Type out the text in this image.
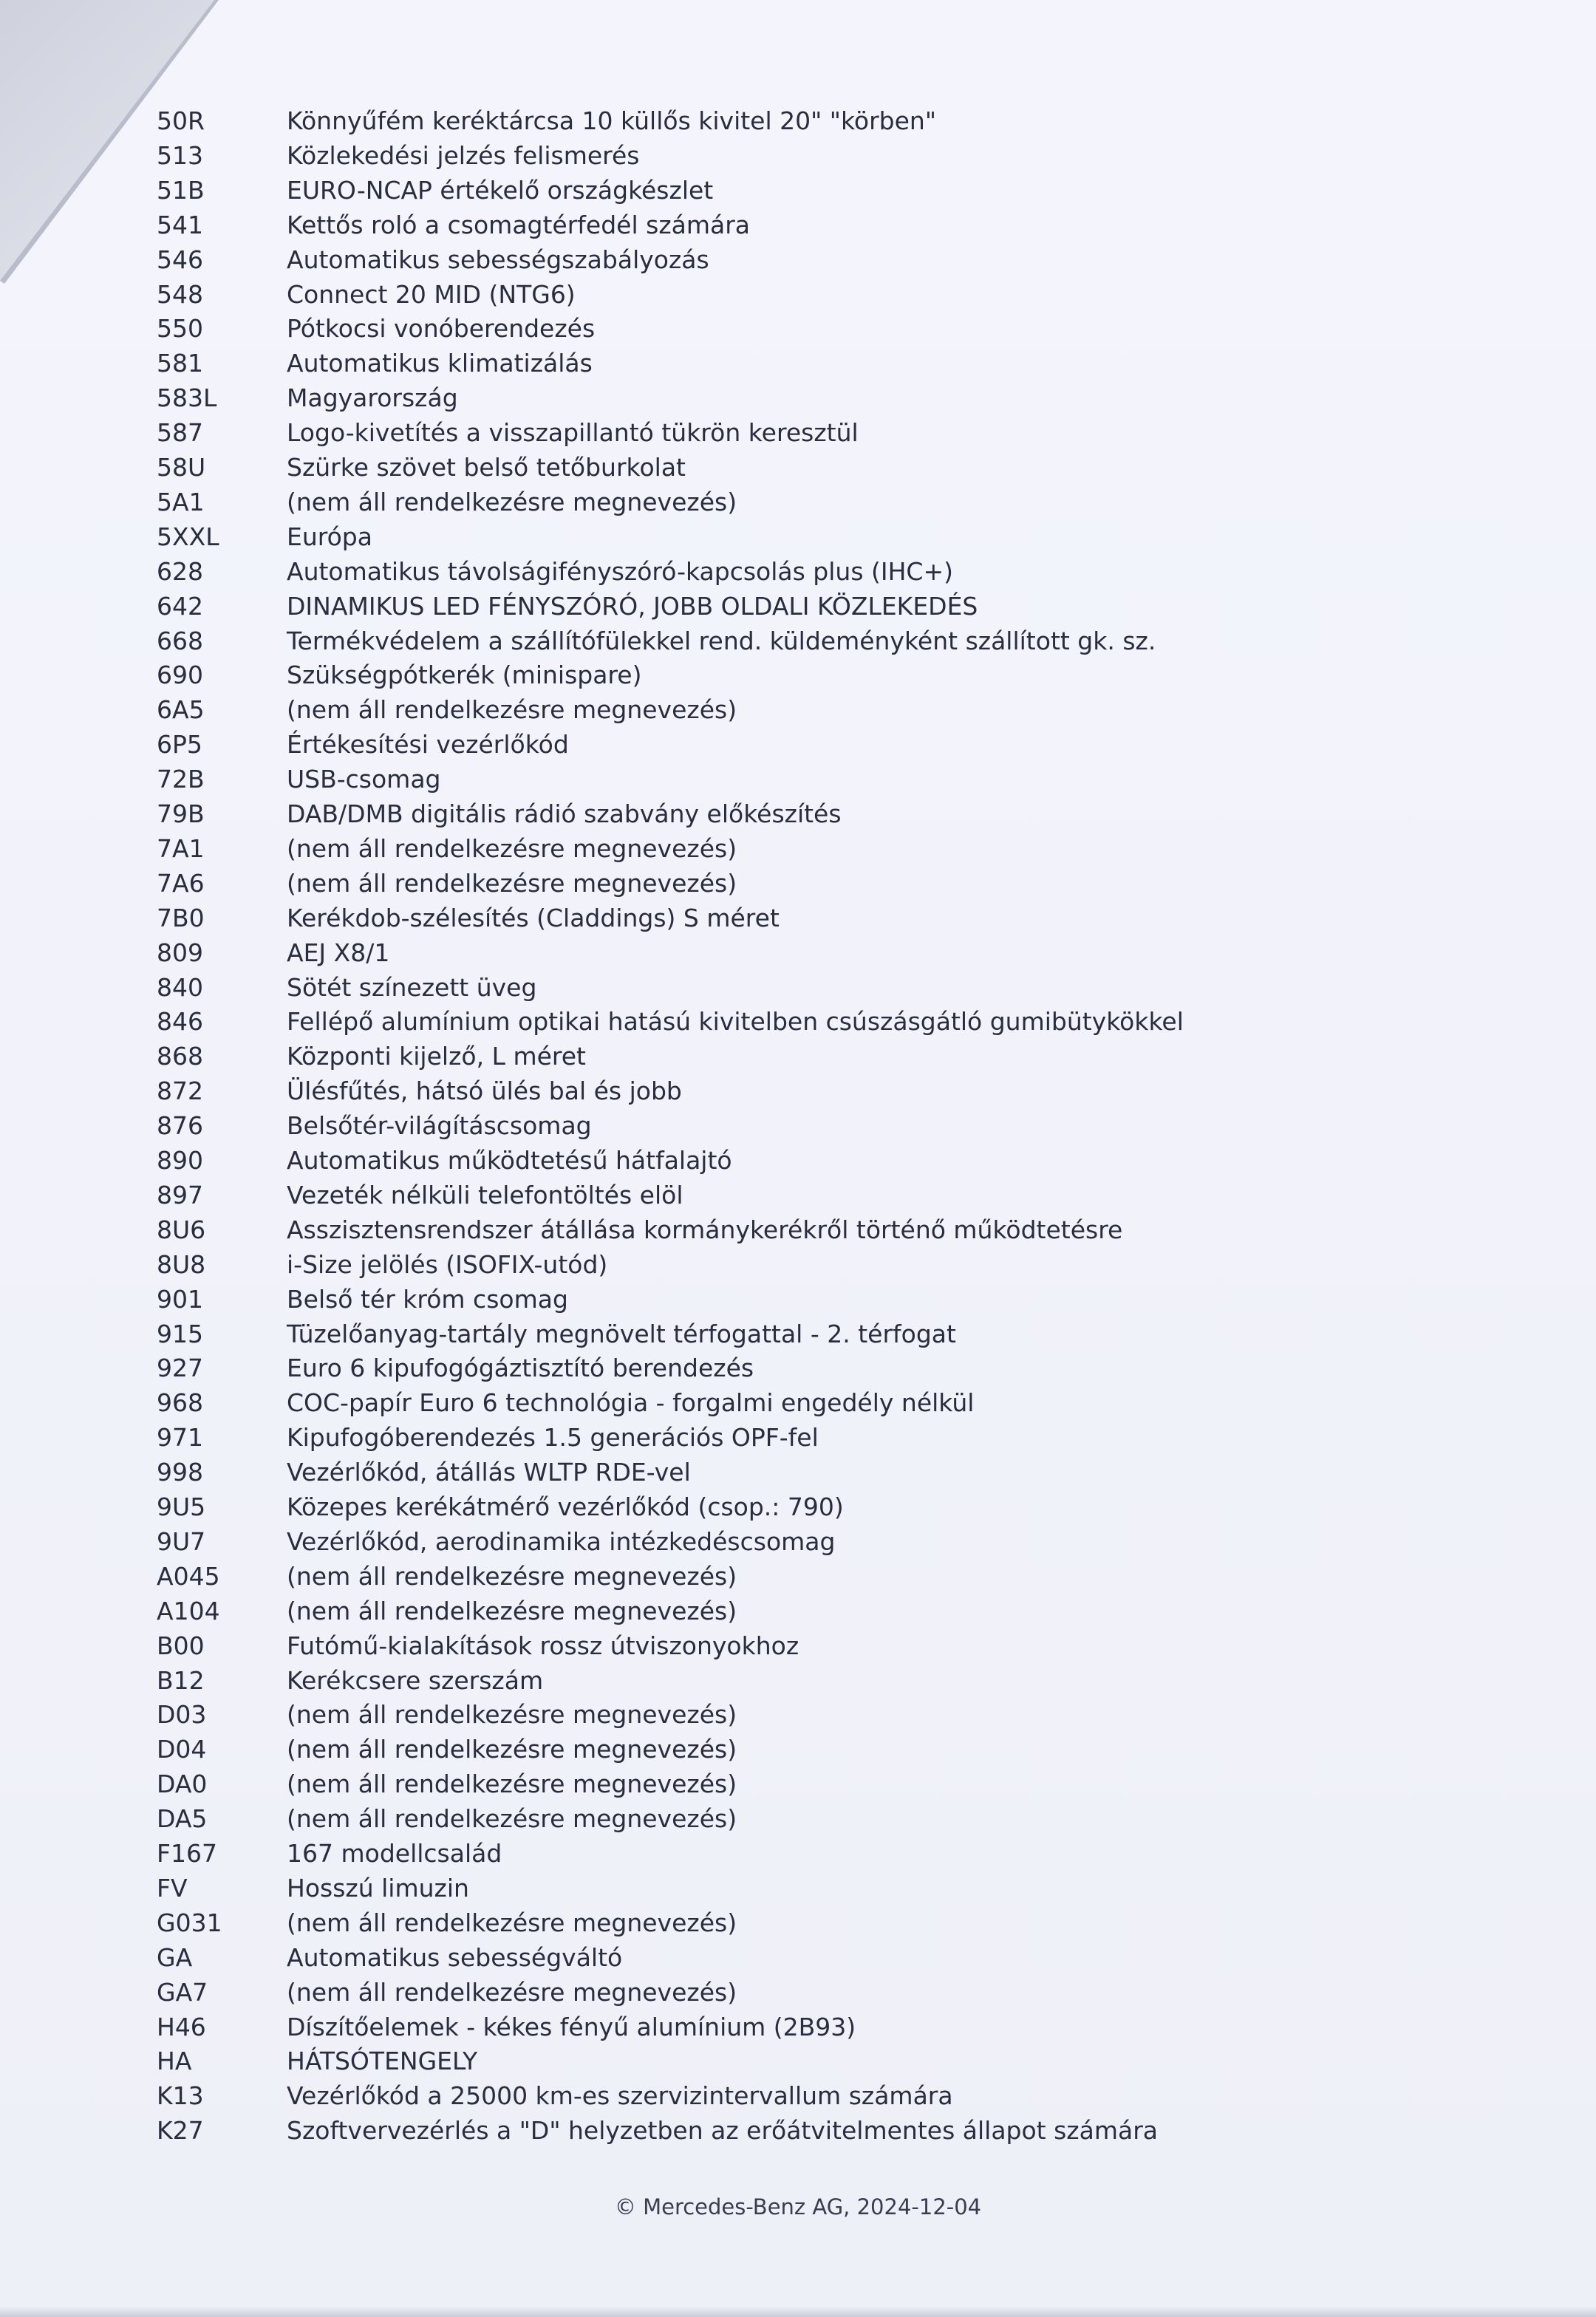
50R	Könnyűfém keréktárcsa 10 küllős kivitel 20" "körben"
513	Közlekedési jelzés felismerés
51B	EURO-NCAP értékelő országkészlet
541	Kettős roló a csomagtérfedél számára
546	Automatikus sebességszabályozás
548	Connect 20 MID (NTG6)
550	Pótkocsi vonóberendezés
581	Automatikus klimatizálás
583L	Magyarország
587	Logo-kivetítés a visszapillantó tükrön keresztül
58U	Szürke szövet belső tetőburkolat
5A1	(nem áll rendelkezésre megnevezés)
5XXL	Európa
628	Automatikus távolságifényszóró-kapcsolás plus (IHC+)
642	DINAMIKUS LED FÉNYSZÓRÓ, JOBB OLDALI KÖZLEKEDÉS
668	Termékvédelem a szállítófülekkel rend. küldeményként szállított gk. sz.
690	Szükségpótkerék (minispare)
6A5	(nem áll rendelkezésre megnevezés)
6P5	Értékesítési vezérlőkód
72B	USB-csomag
79B	DAB/DMB digitális rádió szabvány előkészítés
7A1	(nem áll rendelkezésre megnevezés)
7A6	(nem áll rendelkezésre megnevezés)
7B0	Kerékdob-szélesítés (Claddings) S méret
809	AEJ X8/1
840	Sötét színezett üveg
846	Fellépő alumínium optikai hatású kivitelben csúszásgátló gumibütykökkel
868	Központi kijelző, L méret
872	Ülésfűtés, hátsó ülés bal és jobb
876	Belsőtér-világításcsomag
890	Automatikus működtetésű hátfalajtó
897	Vezeték nélküli telefontöltés elöl
8U6	Asszisztensrendszer átállása kormánykerékről történő működtetésre
8U8	i-Size jelölés (ISOFIX-utód)
901	Belső tér króm csomag
915	Tüzelőanyag-tartály megnövelt térfogattal - 2. térfogat
927	Euro 6 kipufogógáztisztító berendezés
968	COC-papír Euro 6 technológia - forgalmi engedély nélkül
971	Kipufogóberendezés 1.5 generációs OPF-fel
998	Vezérlőkód, átállás WLTP RDE-vel
9U5	Közepes kerékátmérő vezérlőkód (csop.: 790)
9U7	Vezérlőkód, aerodinamika intézkedéscsomag
A045	(nem áll rendelkezésre megnevezés)
A104	(nem áll rendelkezésre megnevezés)
B00	Futómű-kialakítások rossz útviszonyokhoz
B12	Kerékcsere szerszám
D03	(nem áll rendelkezésre megnevezés)
D04	(nem áll rendelkezésre megnevezés)
DA0	(nem áll rendelkezésre megnevezés)
DA5	(nem áll rendelkezésre megnevezés)
F167	167 modellcsalád
FV	Hosszú limuzin
G031	(nem áll rendelkezésre megnevezés)
GA	Automatikus sebességváltó
GA7	(nem áll rendelkezésre megnevezés)
H46	Díszítőelemek - kékes fényű alumínium (2B93)
HA	HÁTSÓTENGELY
K13	Vezérlőkód a 25000 km-es szervizintervallum számára
K27	Szoftvervezérlés a "D" helyzetben az erőátvitelmentes állapot számára
© Mercedes-Benz AG, 2024-12-04
